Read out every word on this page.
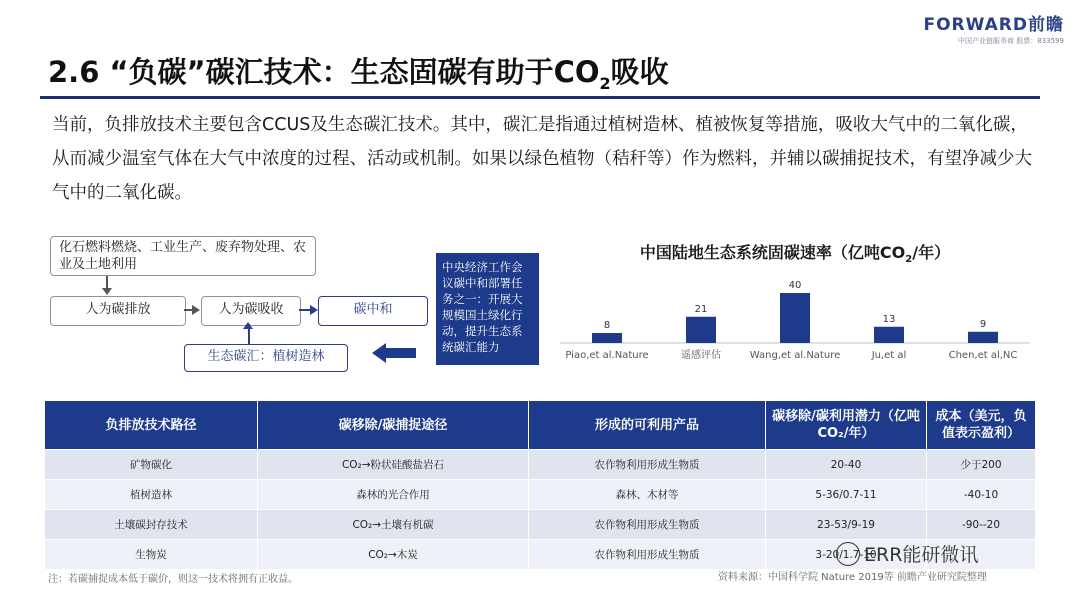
FORWARD前瞻
中国产业链服务商 股票：833599
2.6 “负碳”碳汇技术：生态固碳有助于$CO_2$吸收
当前，负排放技术主要包含CCUS及生态碳汇技术。其中，碳汇是指通过植树造林、植被恢复等措施，吸收大气中的二氧化碳，从而减少温室气体在大气中浓度的过程、活动或机制。如果以绿色植物（秸秆等）作为燃料，并辅以碳捕捉技术，有望净减少大气中的二氧化碳。
化石燃料燃烧、工业生产、废弃物处理、农业及土地利用
人为碳排放	人为碳吸收	碳中和
生态碳汇：植树造林
中央经济工作会议碳中和部署任务之一：开展大规模国土绿化行动，提升生态系统碳汇能力
中国陆地生态系统固碳速率（亿吨$CO_2/$年）
8
Piao,et al.Nature
21
遥感评估
40
Wang,et al.Nature
13
Ju,et al
9
Chen,et al,NC
负排放技术路径	碳移除/碳捕捉途径	形成的可利用产品	碳移除/碳利用潜力（亿吨CO₂/年）	成本（美元，负值表示盈利）
矿物碳化	CO₂→粉状硅酸盐岩石	农作物利用形成生物质	20-40	少于200
植树造林	森林的光合作用	森林、木材等	5-36/0.7-11	-40-10
土壤碳封存技术	CO₂→土壤有机碳	农作物利用形成生物质	23-53/9-19	-90--20
生物炭	CO₂→木炭	农作物利用形成生物质	3-20/1.7-10	
注：若碳捕捉成本低于碳价，则这一技术将拥有正收益。	资料来源：中国科学院 Nature 2019等 前瞻产业研究院整理
ERR能研微讯
